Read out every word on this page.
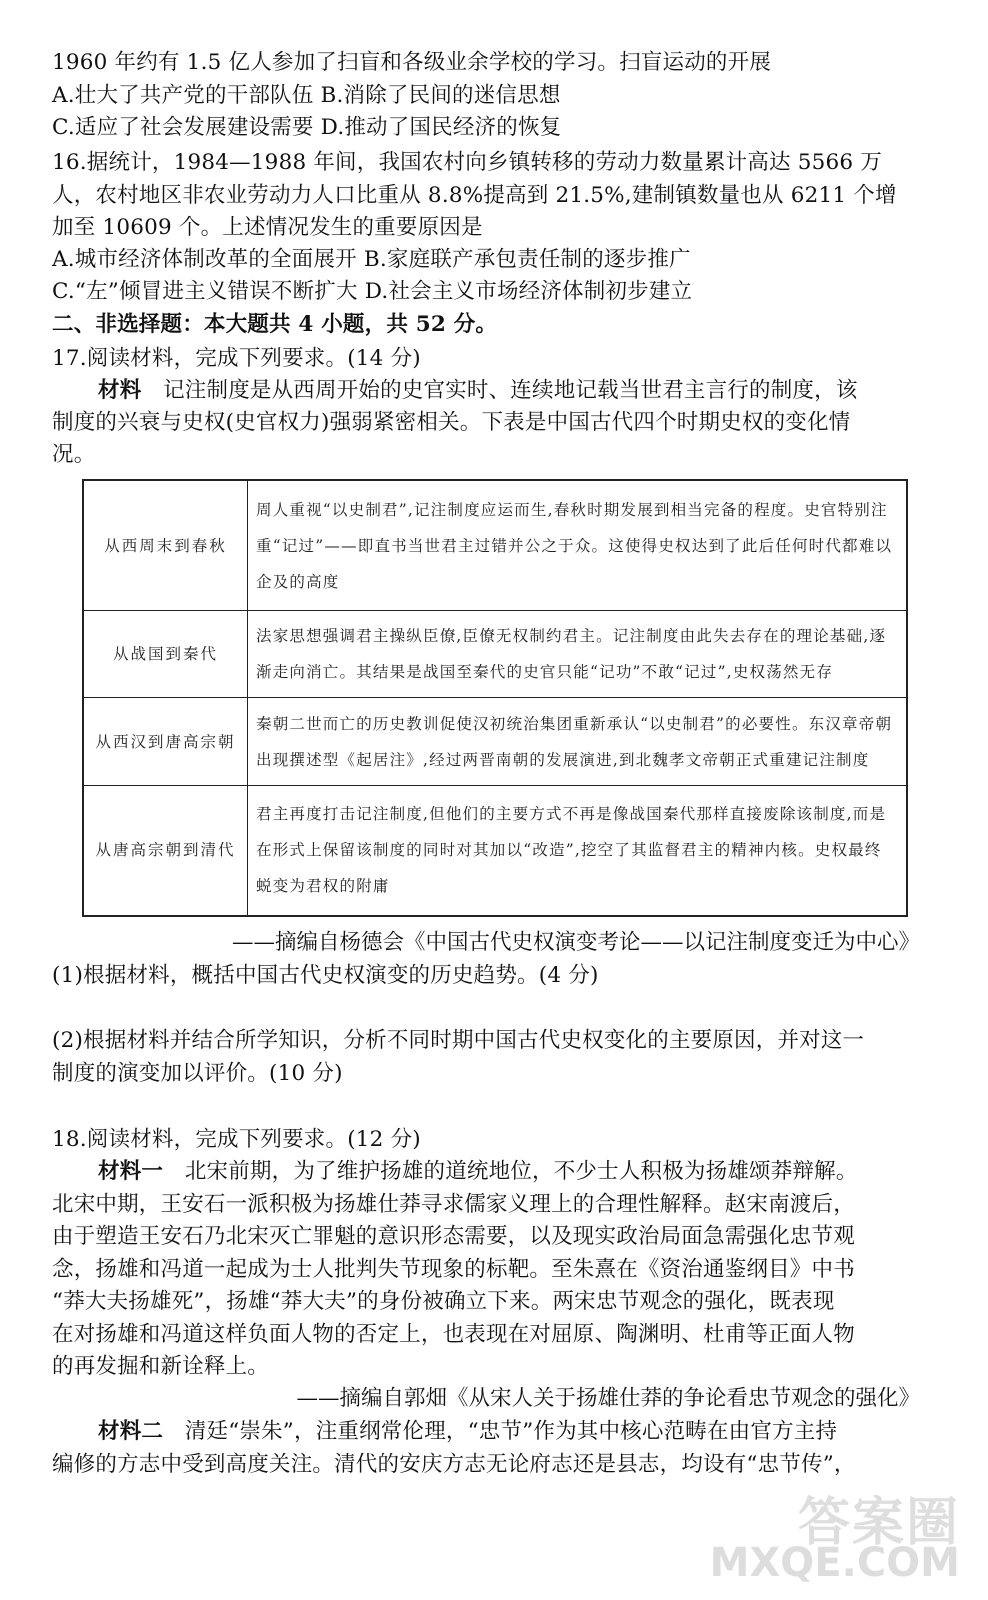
1960 年约有 1.5 亿人参加了扫盲和各级业余学校的学习。扫盲运动的开展
A.壮大了共产党的干部队伍 B.消除了民间的迷信思想
C.适应了社会发展建设需要 D.推动了国民经济的恢复
16.据统计，1984—1988 年间，我国农村向乡镇转移的劳动力数量累计高达 5566 万
人，农村地区非农业劳动力人口比重从 8.8%提高到 21.5%,建制镇数量也从 6211 个增
加至 10609 个。上述情况发生的重要原因是
A.城市经济体制改革的全面展开 B.家庭联产承包责任制的逐步推广
C.“左”倾冒进主义错误不断扩大 D.社会主义市场经济体制初步建立
二、非选择题：本大题共 4 小题，共 52 分。
17.阅读材料，完成下列要求。(14 分)
材料  记注制度是从西周开始的史官实时、连续地记载当世君主言行的制度，该
制度的兴衰与史权(史官权力)强弱紧密相关。下表是中国古代四个时期史权的变化情
况。
从西周末到春秋	周人重视“以史制君”,记注制度应运而生,春秋时期发展到相当完备的程度。史官特别注重“记过”——即直书当世君主过错并公之于众。这使得史权达到了此后任何时代都难以企及的高度
从战国到秦代	法家思想强调君主操纵臣僚,臣僚无权制约君主。记注制度由此失去存在的理论基础,逐渐走向消亡。其结果是战国至秦代的史官只能“记功”不敢“记过”,史权荡然无存
从西汉到唐高宗朝	秦朝二世而亡的历史教训促使汉初统治集团重新承认“以史制君”的必要性。东汉章帝朝出现撰述型《起居注》,经过两晋南朝的发展演进,到北魏孝文帝朝正式重建记注制度
从唐高宗朝到清代	君主再度打击记注制度,但他们的主要方式不再是像战国秦代那样直接废除该制度,而是在形式上保留该制度的同时对其加以“改造”,挖空了其监督君主的精神内核。史权最终蜕变为君权的附庸
——摘编自杨德会《中国古代史权演变考论——以记注制度变迁为中心》
(1)根据材料，概括中国古代史权演变的历史趋势。(4 分)
(2)根据材料并结合所学知识，分析不同时期中国古代史权变化的主要原因，并对这一
制度的演变加以评价。(10 分)
18.阅读材料，完成下列要求。(12 分)
材料一  北宋前期，为了维护扬雄的道统地位，不少士人积极为扬雄颂莽辩解。
北宋中期，王安石一派积极为扬雄仕莽寻求儒家义理上的合理性解释。赵宋南渡后，
由于塑造王安石乃北宋灭亡罪魁的意识形态需要，以及现实政治局面急需强化忠节观
念，扬雄和冯道一起成为士人批判失节现象的标靶。至朱熹在《资治通鉴纲目》中书
“莽大夫扬雄死”，扬雄“莽大夫”的身份被确立下来。两宋忠节观念的强化，既表现
在对扬雄和冯道这样负面人物的否定上，也表现在对屈原、陶渊明、杜甫等正面人物
的再发掘和新诠释上。
——摘编自郭畑《从宋人关于扬雄仕莽的争论看忠节观念的强化》
材料二  清廷“崇朱”，注重纲常伦理，“忠节”作为其中核心范畴在由官方主持
编修的方志中受到高度关注。清代的安庆方志无论府志还是县志，均设有“忠节传”，
答案圈
MXQE.COM
